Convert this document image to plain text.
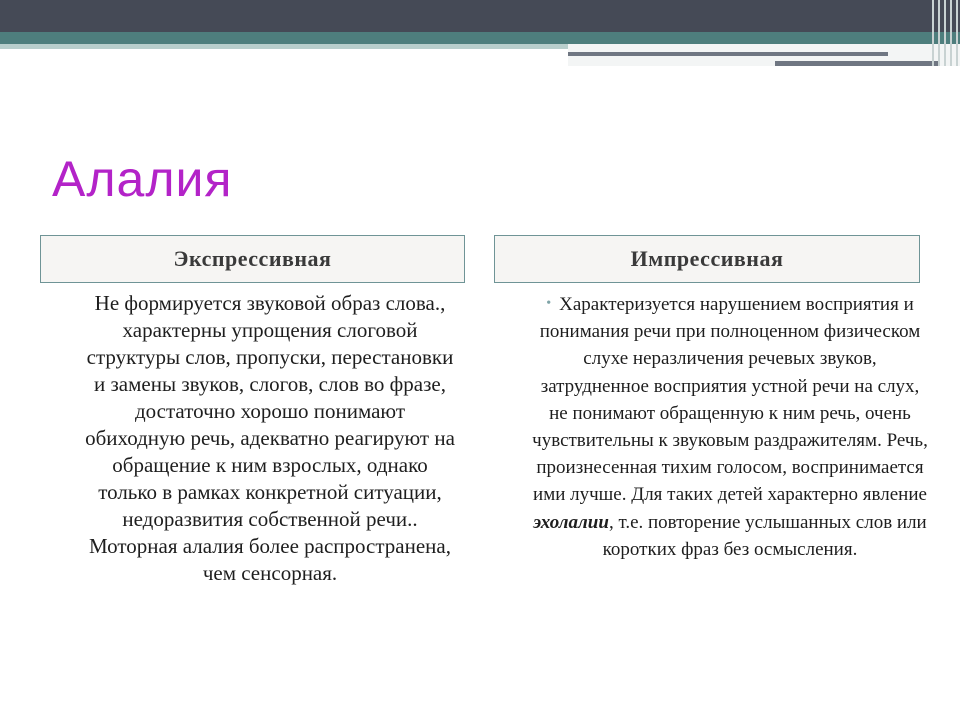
Алалия
Экспрессивная	Импрессивная

Не формируется звуковой образ слова., характерны упрощения слоговой структуры слов, пропуски, перестановки и замены звуков, слогов, слов во фразе, достаточно хорошо понимают обиходную речь, адекватно реагируют на обращение к ним взрослых, однако только в рамках конкретной ситуации, недоразвития собственной речи.. Моторная алалия более распространена, чем сенсорная.

• Характеризуется нарушением восприятия и понимания речи при полноценном физическом слухе неразличения речевых звуков, затрудненное восприятия устной речи на слух, не понимают обращенную к ним речь, очень чувствительны к звуковым раздражителям. Речь, произнесенная тихим голосом, воспринимается ими лучше. Для таких детей характерно явление эхолалии, т.е. повторение услышанных слов или коротких фраз без осмысления.
